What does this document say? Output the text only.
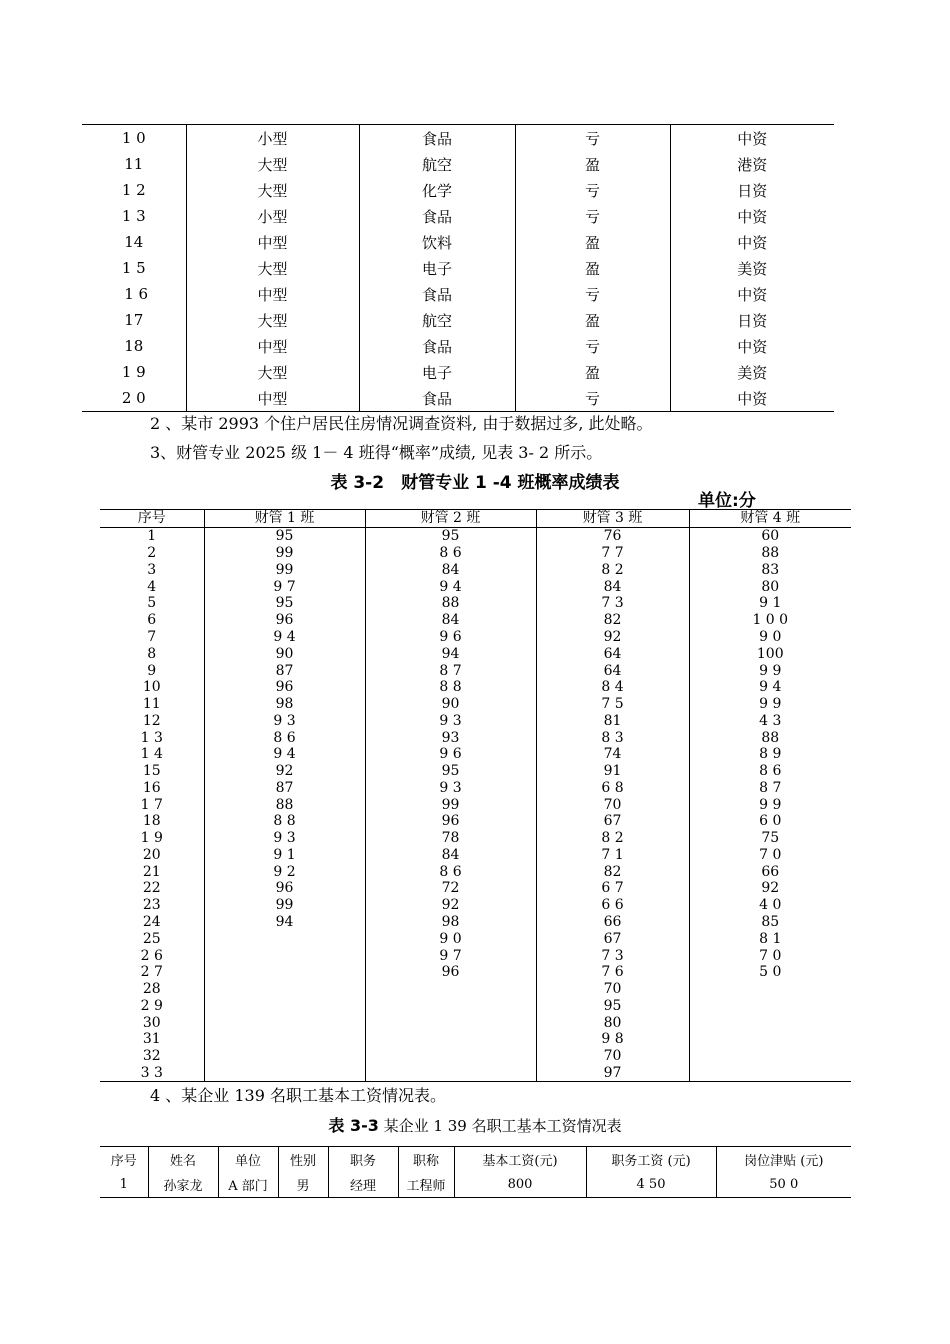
1 0	小型	食品	亏	中资
11	大型	航空	盈	港资
1 2	大型	化学	亏	日资
1 3	小型	食品	亏	中资
14	中型	饮料	盈	中资
1 5	大型	电子	盈	美资
1 6	中型	食品	亏	中资
17	大型	航空	盈	日资
18	中型	食品	亏	中资
1 9	大型	电子	盈	美资
2 0	中型	食品	亏	中资
2 、某市 2993 个住户居民住房情况调查资料, 由于数据过多, 此处略。
3、财管专业 2025 级 1－ 4 班得“概率”成绩, 见表 3- 2 所示。
表 3-2　财管专业 1 -4 班概率成绩表
单位:分
序号	财管 1 班	财管 2 班	财管 3 班	财管 4 班
1	95	95	76	60
2	99	8 6	7 7	88
3	99	84	8 2	83
4	9 7	9 4	84	80
5	95	88	7 3	9 1
6	96	84	82	1 0 0
7	9 4	9 6	92	9 0
8	90	94	64	100
9	87	8 7	64	9 9
10	96	8 8	8 4	9 4
11	98	90	7 5	9 9
12	9 3	9 3	81	4 3
1 3	8 6	93	8 3	88
1 4	9 4	9 6	74	8 9
15	92	95	91	8 6
16	87	9 3	6 8	8 7
1 7	88	99	70	9 9
18	8 8	96	67	6 0
1 9	9 3	78	8 2	75
20	9 1	84	7 1	7 0
21	9 2	8 6	82	66
22	96	72	6 7	92
23	99	92	6 6	4 0
24	94	98	66	85
25		9 0	67	8 1
2 6		9 7	7 3	7 0
2 7		96	7 6	5 0
28			70	
2 9			95	
30			80	
31			9 8	
32			70	
3 3			97	
4 、某企业 139 名职工基本工资情况表。
表 3-3 某企业 1 39 名职工基本工资情况表
序号	姓名	单位	性别	职务	职称	基本工资(元)	职务工资 (元)	岗位津贴 (元)
1	孙家龙	A 部门	男	经理	工程师	800	4 50	50 0
